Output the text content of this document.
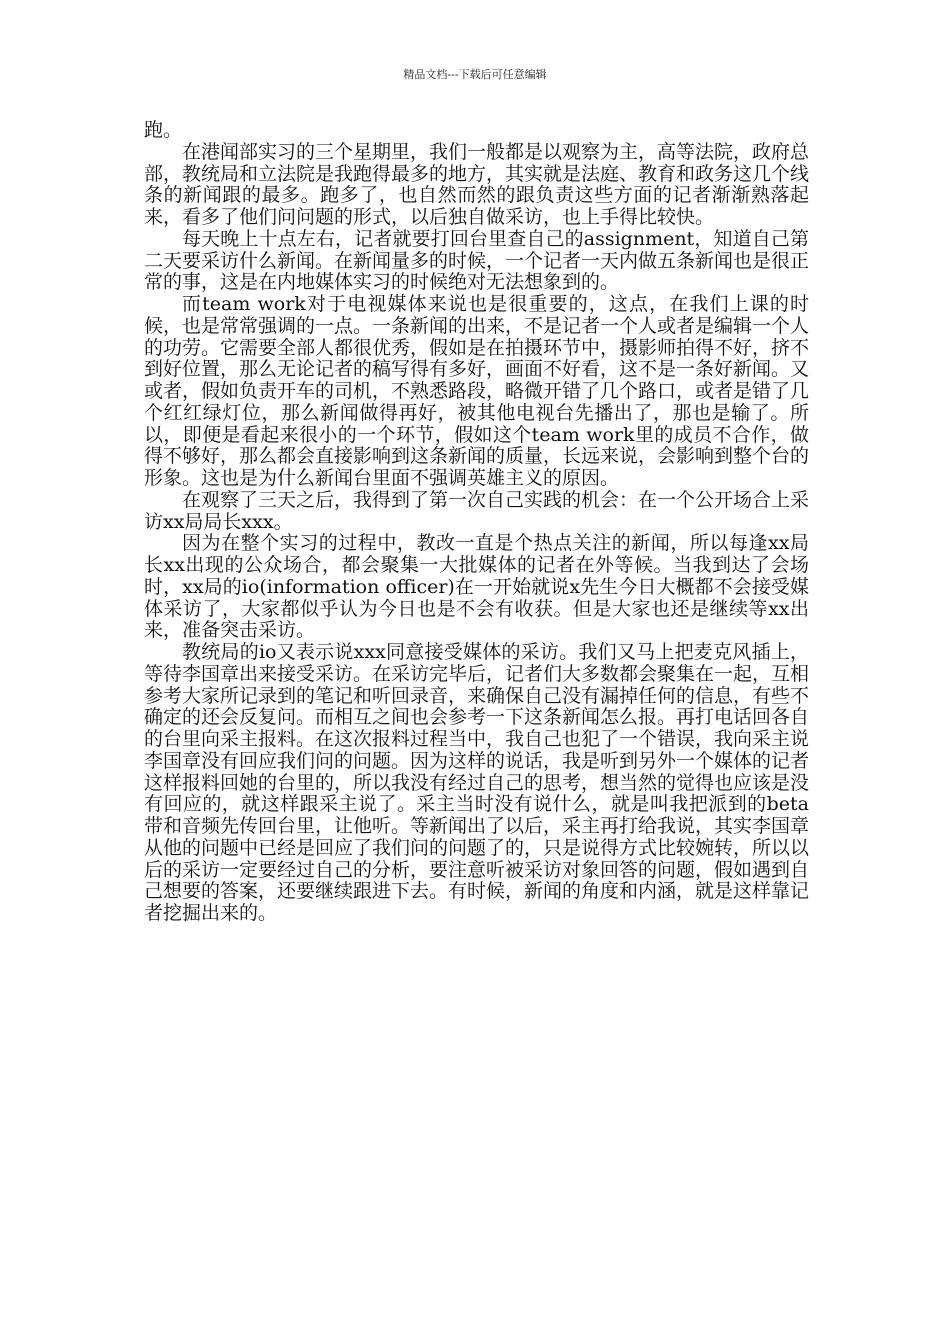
精品文档---下载后可任意编辑

跑。

在港闻部实习的三个星期里，我们一般都是以观察为主，高等法院，政府总部，教统局和立法院是我跑得最多的地方，其实就是法庭、教育和政务这几个线条的新闻跟的最多。跑多了，也自然而然的跟负责这些方面的记者渐渐熟落起来，看多了他们问问题的形式，以后独自做采访，也上手得比较快。

每天晚上十点左右，记者就要打回台里查自己的assignment，知道自己第二天要采访什么新闻。在新闻量多的时候，一个记者一天内做五条新闻也是很正常的事，这是在内地媒体实习的时候绝对无法想象到的。

而team work对于电视媒体来说也是很重要的，这点，在我们上课的时候，也是常常强调的一点。一条新闻的出来，不是记者一个人或者是编辑一个人的功劳。它需要全部人都很优秀，假如是在拍摄环节中，摄影师拍得不好，挤不到好位置，那么无论记者的稿写得有多好，画面不好看，这不是一条好新闻。又或者，假如负责开车的司机，不熟悉路段，略微开错了几个路口，或者是错了几个红红绿灯位，那么新闻做得再好，被其他电视台先播出了，那也是输了。所以，即便是看起来很小的一个环节，假如这个team work里的成员不合作，做得不够好，那么都会直接影响到这条新闻的质量，长远来说，会影响到整个台的形象。这也是为什么新闻台里面不强调英雄主义的原因。

在观察了三天之后，我得到了第一次自己实践的机会：在一个公开场合上采访xx局局长xxx。

因为在整个实习的过程中，教改一直是个热点关注的新闻，所以每逢xx局长xx出现的公众场合，都会聚集一大批媒体的记者在外等候。当我到达了会场时，xx局的io(information officer)在一开始就说x先生今日大概都不会接受媒体采访了，大家都似乎认为今日也是不会有收获。但是大家也还是继续等xx出来，准备突击采访。

教统局的io又表示说xxx同意接受媒体的采访。我们又马上把麦克风插上，等待李国章出来接受采访。在采访完毕后，记者们大多数都会聚集在一起，互相参考大家所记录到的笔记和听回录音，来确保自己没有漏掉任何的信息，有些不确定的还会反复问。而相互之间也会参考一下这条新闻怎么报。再打电话回各自的台里向采主报料。在这次报料过程当中，我自己也犯了一个错误，我向采主说李国章没有回应我们问的问题。因为这样的说话，我是听到另外一个媒体的记者这样报料回她的台里的，所以我没有经过自己的思考，想当然的觉得也应该是没有回应的，就这样跟采主说了。采主当时没有说什么，就是叫我把派到的beta带和音频先传回台里，让他听。等新闻出了以后，采主再打给我说，其实李国章从他的问题中已经是回应了我们问的问题了的，只是说得方式比较婉转，所以以后的采访一定要经过自己的分析，要注意听被采访对象回答的问题，假如遇到自己想要的答案，还要继续跟进下去。有时候，新闻的角度和内涵，就是这样靠记者挖掘出来的。
